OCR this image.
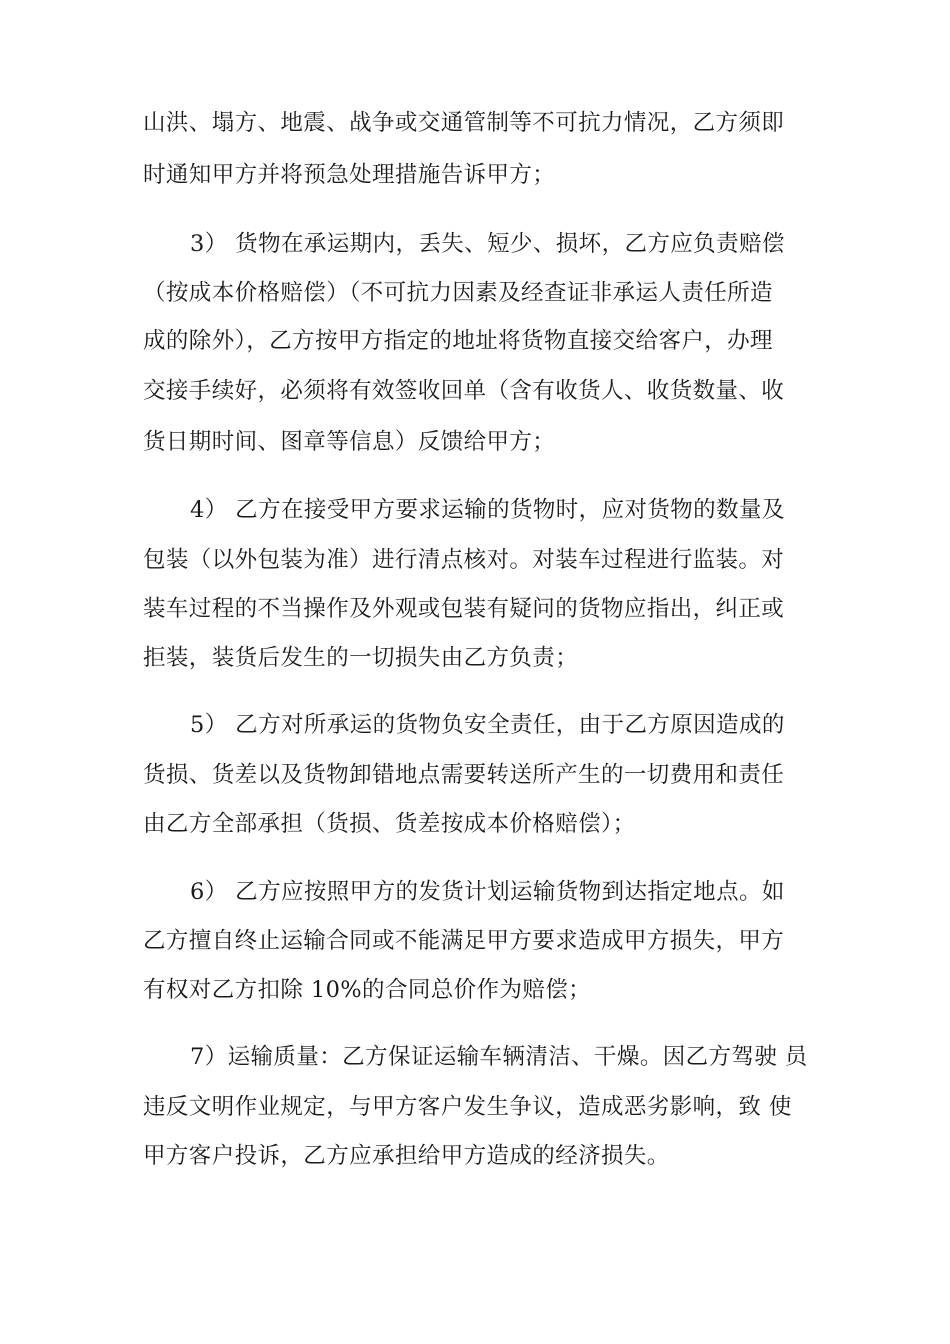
山洪、塌方、地震、战争或交通管制等不可抗力情况，乙方须即
时通知甲方并将预急处理措施告诉甲方；
3） 货物在承运期内，丢失、短少、损坏，乙方应负责赔偿
（按成本价格赔偿）（不可抗力因素及经查证非承运人责任所造
成的除外），乙方按甲方指定的地址将货物直接交给客户，办理
交接手续好，必须将有效签收回单（含有收货人、收货数量、收
货日期时间、图章等信息）反馈给甲方；
4） 乙方在接受甲方要求运输的货物时，应对货物的数量及
包装（以外包装为准）进行清点核对。对装车过程进行监装。对
装车过程的不当操作及外观或包装有疑问的货物应指出，纠正或
拒装，装货后发生的一切损失由乙方负责；
5） 乙方对所承运的货物负安全责任，由于乙方原因造成的
货损、货差以及货物卸错地点需要转送所产生的一切费用和责任
由乙方全部承担（货损、货差按成本价格赔偿）；
6） 乙方应按照甲方的发货计划运输货物到达指定地点。如
乙方擅自终止运输合同或不能满足甲方要求造成甲方损失，甲方
有权对乙方扣除 10%的合同总价作为赔偿；
7）运输质量：乙方保证运输车辆清洁、干燥。因乙方驾驶 员
违反文明作业规定，与甲方客户发生争议，造成恶劣影响，致 使
甲方客户投诉，乙方应承担给甲方造成的经济损失。
